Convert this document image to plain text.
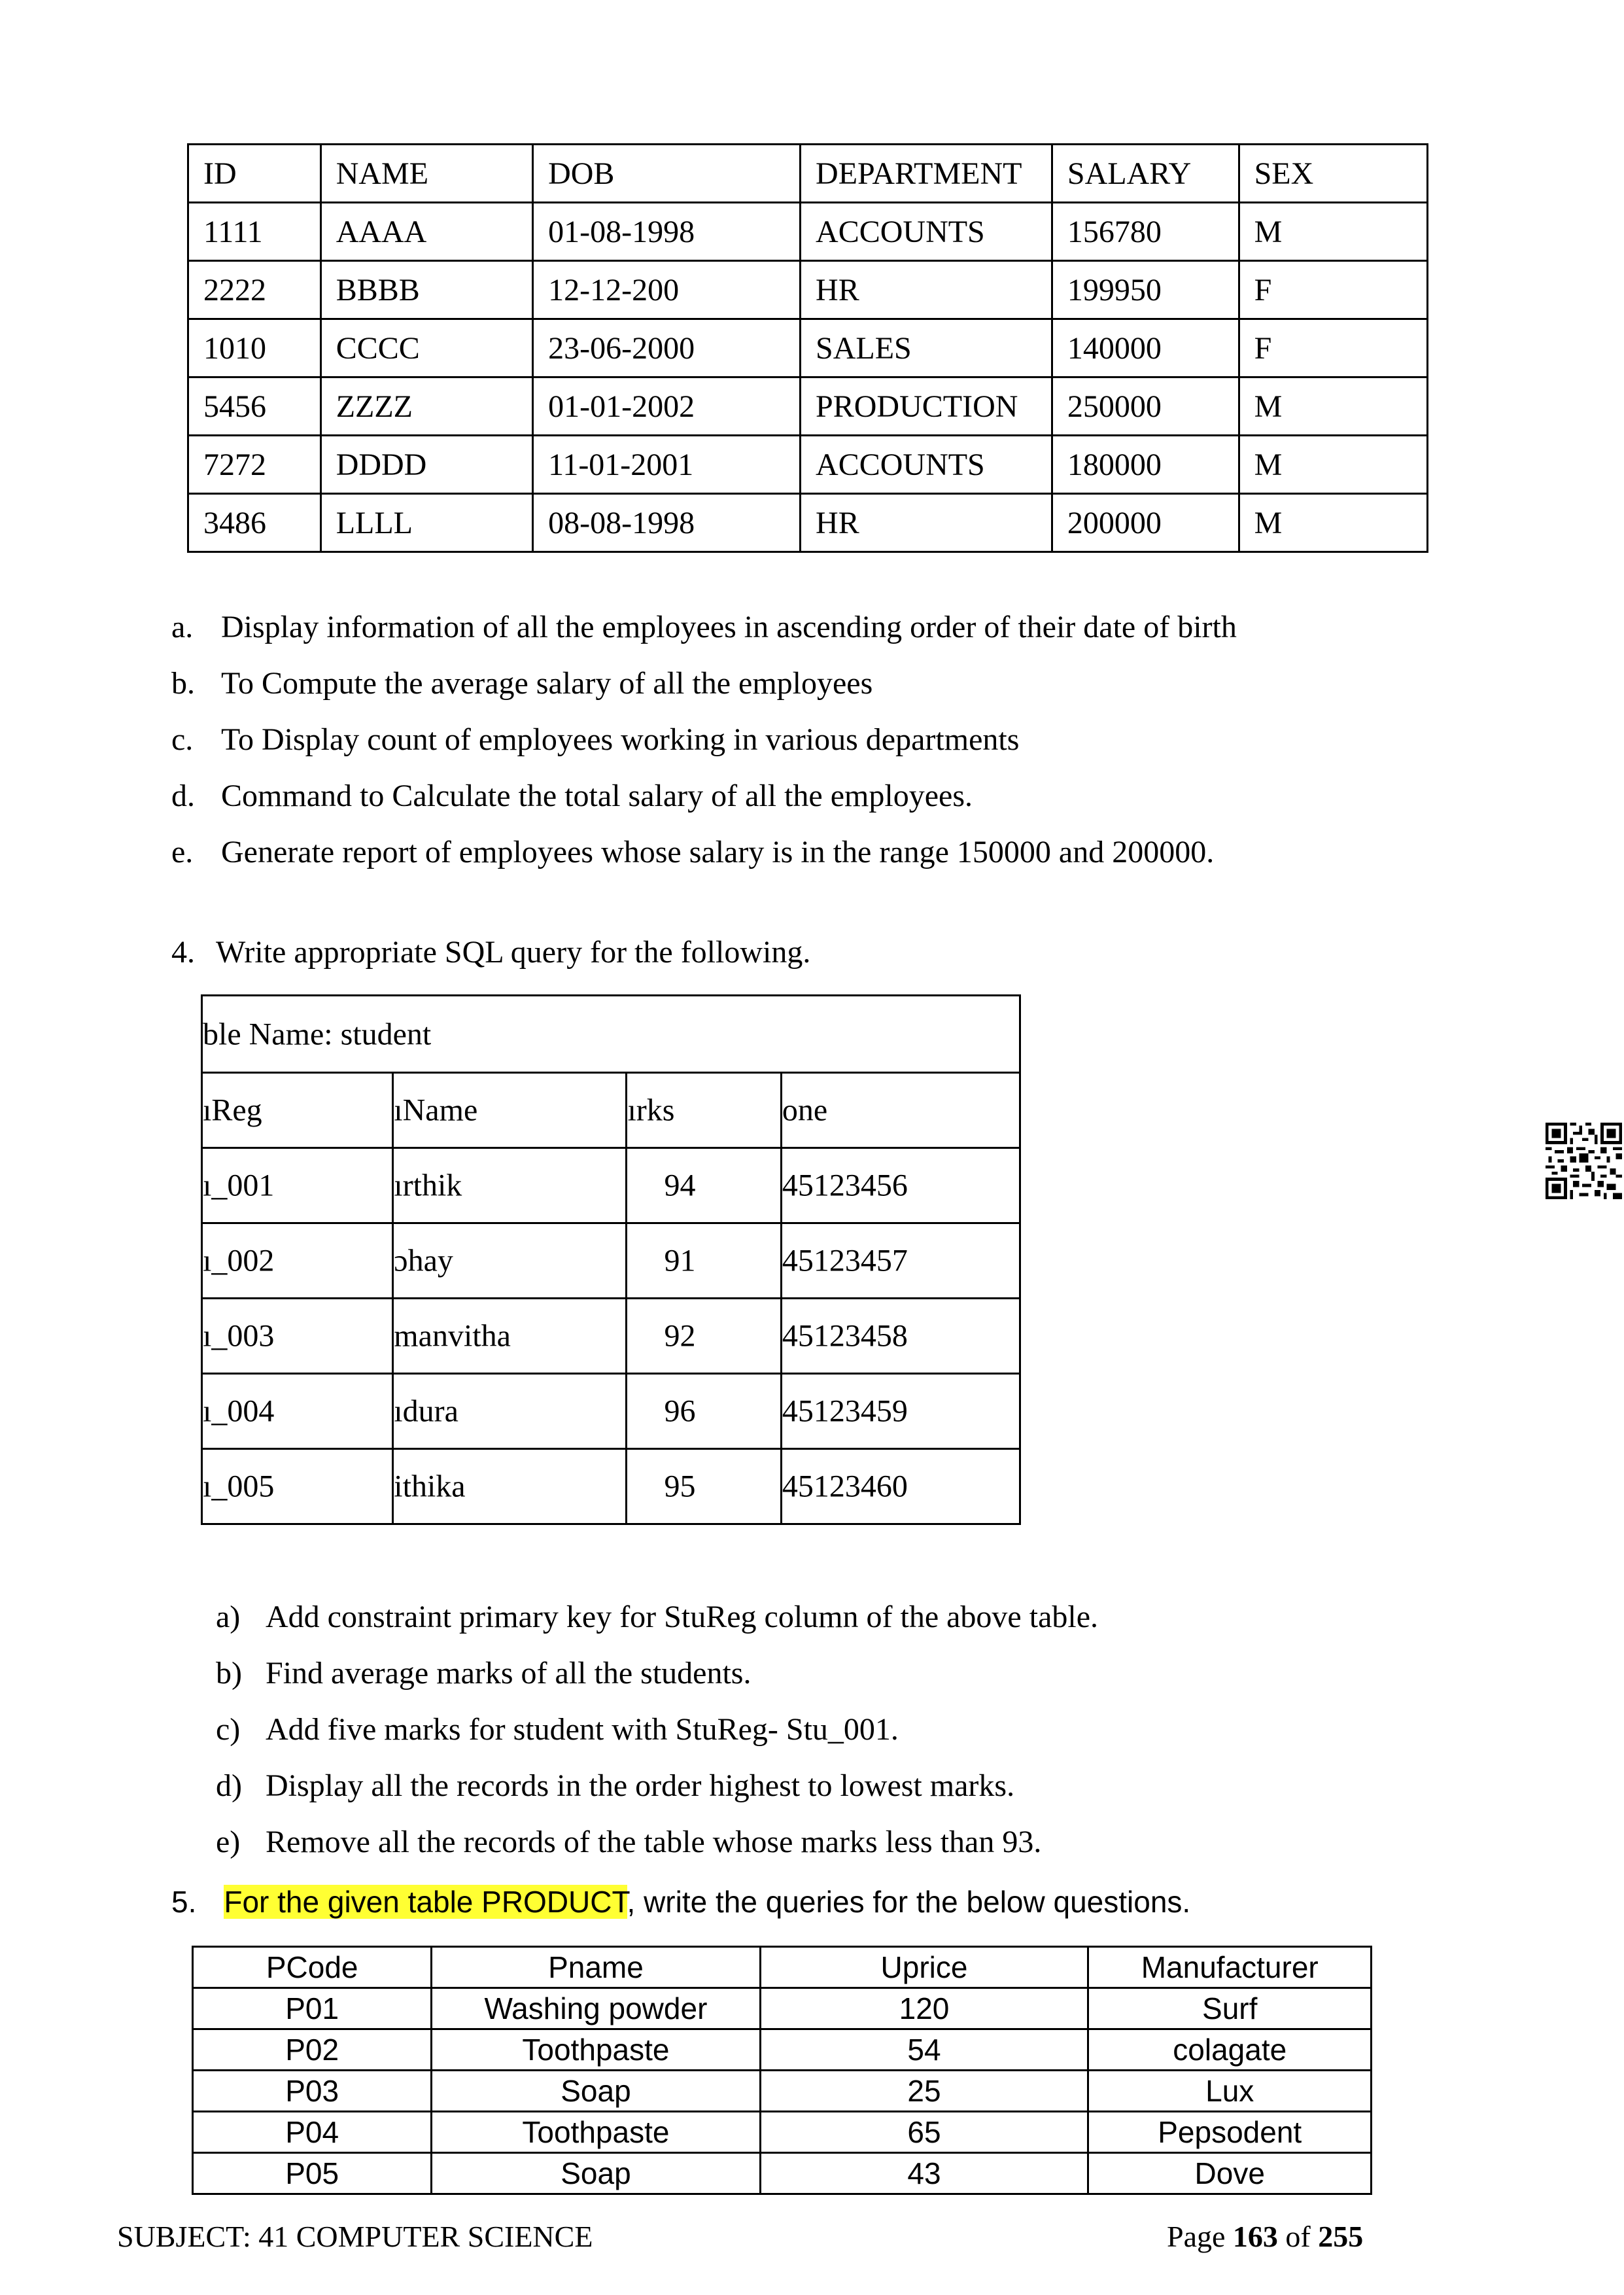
ID	NAME	DOB	DEPARTMENT	SALARY	SEX
1111	AAAA	01-08-1998	ACCOUNTS	156780	M
2222	BBBB	12-12-200	HR	199950	F
1010	CCCC	23-06-2000	SALES	140000	F
5456	ZZZZ	01-01-2002	PRODUCTION	250000	M
7272	DDDD	11-01-2001	ACCOUNTS	180000	M
3486	LLLL	08-08-1998	HR	200000	M
a. Display information of all the employees in ascending order of their date of birth
b. To Compute the average salary of all the employees
c. To Display count of employees working in various departments
d. Command to Calculate the total salary of all the employees.
e. Generate report of employees whose salary is in the range 150000 and 200000.
4. Write appropriate SQL query for the following.
ble Name: student			

ıReg	ıName	ırks	one

ı_001	ırthik	94	45123456

ı_002	ɔhay	91	45123457

ı_003	manvitha	92	45123458

ı_004	ıdura	96	45123459

ı_005	ithika	95	45123460
a) Add constraint primary key for StuReg column of the above table.
b) Find average marks of all the students.
c) Add five marks for student with StuReg- Stu_001.
d) Display all the records in the order highest to lowest marks.
e) Remove all the records of the table whose marks less than 93.
5. For the given table PRODUCT, write the queries for the below questions.
PCode	Pname	Uprice	Manufacturer
P01	Washing powder	120	Surf
P02	Toothpaste	54	colagate
P03	Soap	25	Lux
P04	Toothpaste	65	Pepsodent
P05	Soap	43	Dove
SUBJECT: 41 COMPUTER SCIENCE	Page 163 of 255
